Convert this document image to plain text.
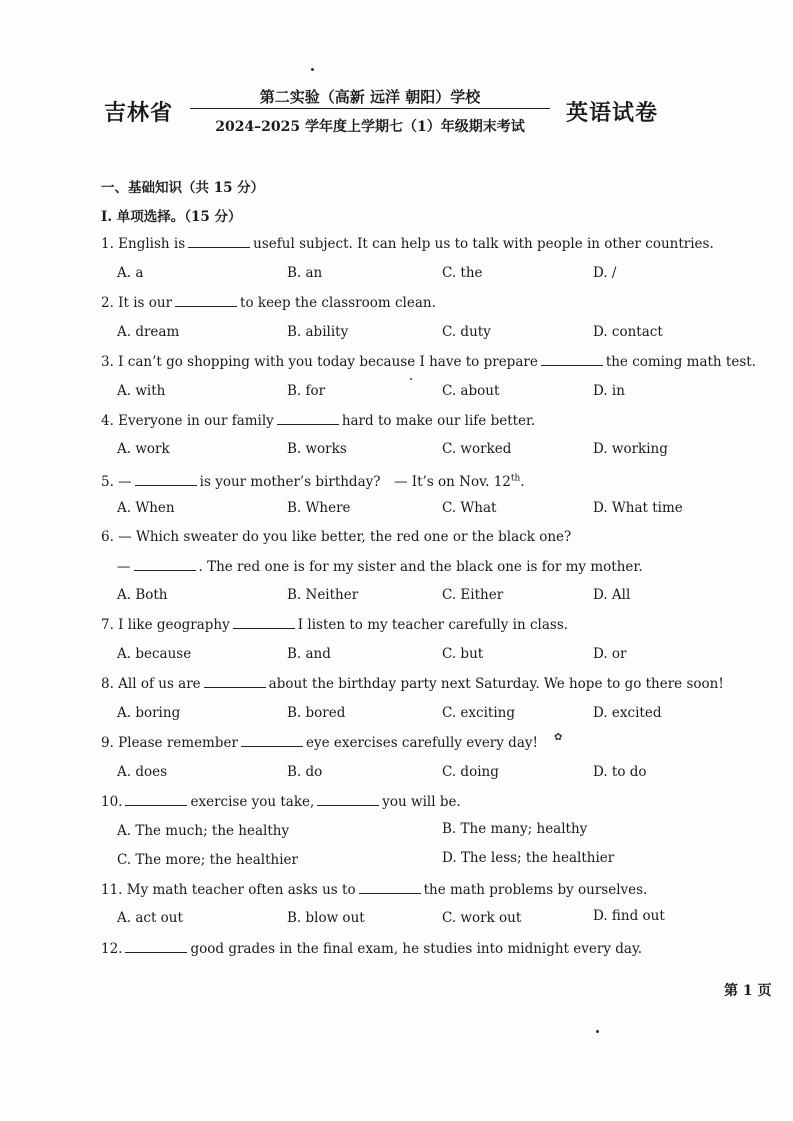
吉林省
第二实验（高新 远洋 朝阳）学校
2024–2025 学年度上学期七（1）年级期末考试
英语试卷
一、基础知识（共 15 分）
I. 单项选择。（15 分）
1. English is	useful subject. It can help us to talk with people in other countries.
A. a	B. an	C. the	D. /
2. It is our	to keep the classroom clean.
A. dream	B. ability	C. duty	D. contact
3. I can’t go shopping with you today because I have to prepare	the coming math test.
A. with	B. for	C. about	D. in
4. Everyone in our family	hard to make our life better.
A. work	B. works	C. worked	D. working
5. —	is your mother’s birthday?　— It’s on Nov. 12th.
A. When	B. Where	C. What	D. What time
6. — Which sweater do you like better, the red one or the black one?
—	. The red one is for my sister and the black one is for my mother.
A. Both	B. Neither	C. Either	D. All
7. I like geography	I listen to my teacher carefully in class.
A. because	B. and	C. but	D. or
8. All of us are	about the birthday party next Saturday. We hope to go there soon!
A. boring	B. bored	C. exciting	D. excited
9. Please remember	eye exercises carefully every day! ✿
A. does	B. do	C. doing	D. to do
10.	exercise you take,	you will be.
A. The much; the healthy	B. The many; healthy
C. The more; the healthier	D. The less; the healthier
11. My math teacher often asks us to	the math problems by ourselves.
A. act out	B. blow out	C. work out	D. find out
12.	good grades in the final exam, he studies into midnight every day.
第 1 页
